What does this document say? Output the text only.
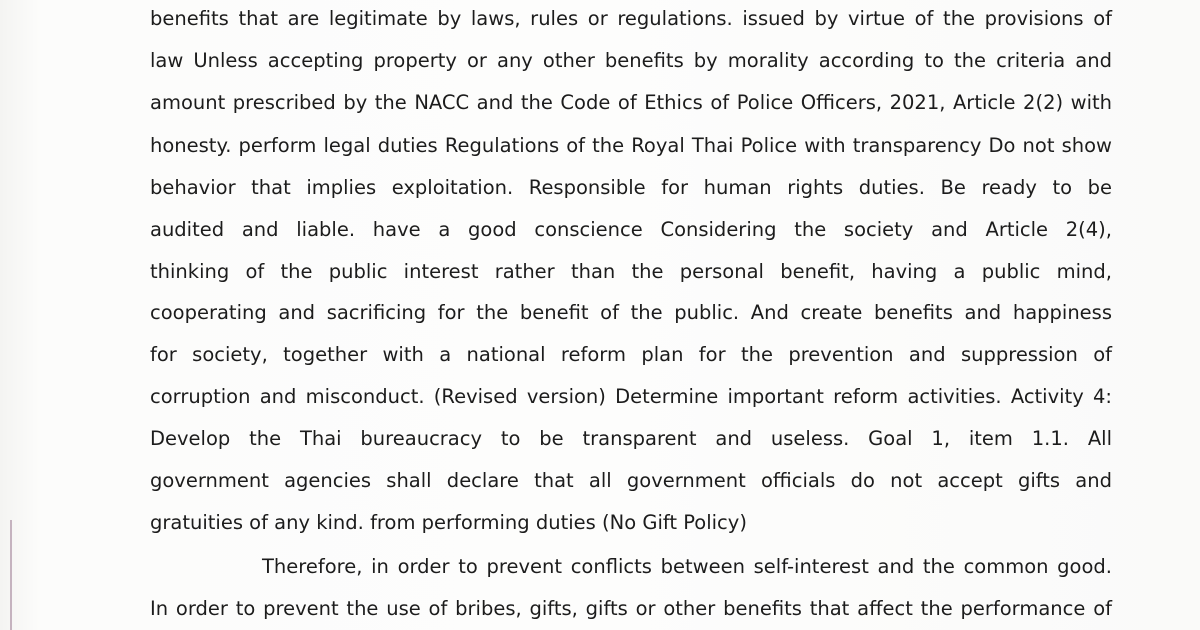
benefits that are legitimate by laws, rules or regulations. issued by virtue of the provisions of
law Unless accepting property or any other benefits by morality according to the criteria and
amount prescribed by the NACC and the Code of Ethics of Police Officers, 2021, Article 2(2) with
honesty. perform legal duties Regulations of the Royal Thai Police with transparency Do not show
behavior that implies exploitation. Responsible for human rights duties. Be ready to be
audited and liable. have a good conscience Considering the society and Article 2(4),
thinking of the public interest rather than the personal benefit, having a public mind,
cooperating and sacrificing for the benefit of the public. And create benefits and happiness
for society, together with a national reform plan for the prevention and suppression of
corruption and misconduct. (Revised version) Determine important reform activities. Activity 4:
Develop the Thai bureaucracy to be transparent and useless. Goal 1, item 1.1. All
government agencies shall declare that all government officials do not accept gifts and
gratuities of any kind. from performing duties (No Gift Policy)
Therefore, in order to prevent conflicts between self-interest and the common good.
In order to prevent the use of bribes, gifts, gifts or other benefits that affect the performance of
